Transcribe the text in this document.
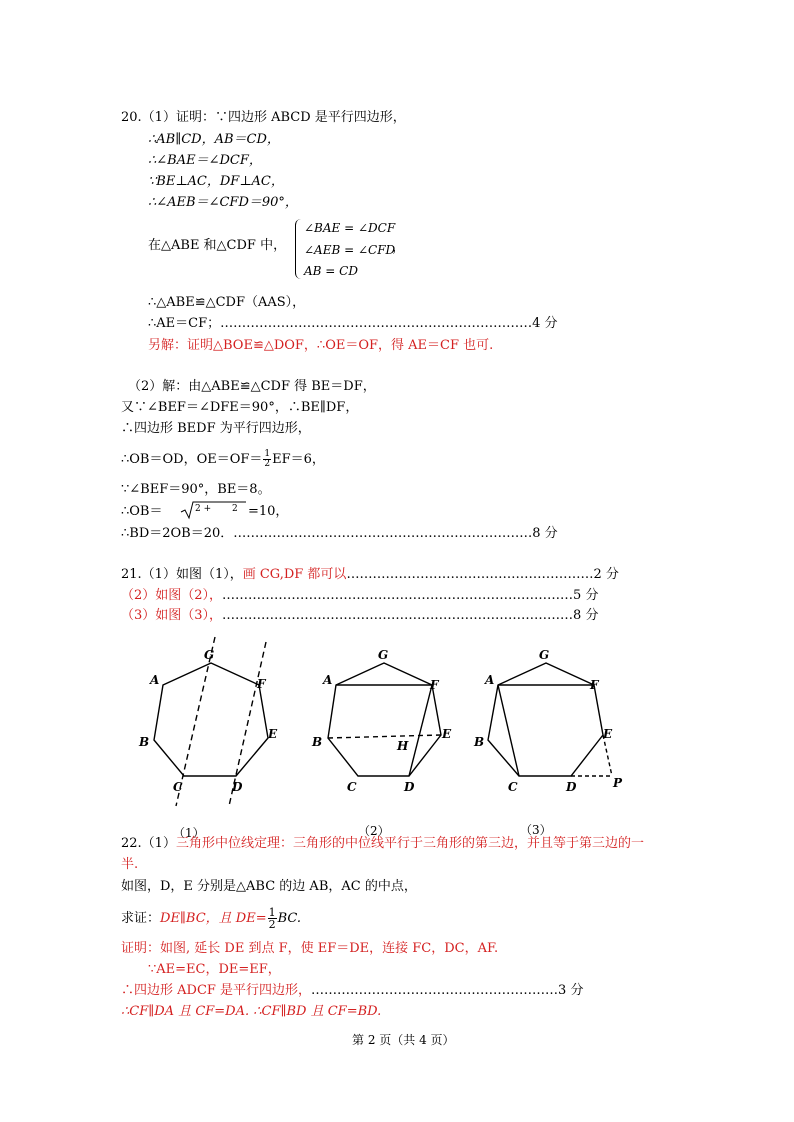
20.（1）证明：∵四边形 ABCD 是平行四边形，
∴AB∥CD，AB＝CD，
∴∠BAE＝∠DCF，
∵BE⊥AC，DF⊥AC，
∴∠AEB＝∠CFD＝90°，
在△ABE 和△CDF 中，
∠BAE = ∠DCF
∠AEB = ∠CFD
，
AB = CD
∴△ABE≌△CDF（AAS），
∴AE＝CF；………………………………………………………………4 分
另解：证明△BOE≌△DOF，∴OE＝OF，得 AE＝CF 也可.
（2）解：由△ABE≌△CDF 得 BE＝DF，
又∵∠BEF＝∠DFE＝90°，∴BE∥DF，
∴四边形 BEDF 为平行四边形，
∴OB＝OD，$OE=OF= \frac{1}{2} EF=6$，
∵∠BEF＝90°，BE＝8。
∴OB＝	2 + 2 =10，
∴BD＝2OB＝20．……………………………………………………………8 分
21.（1）如图（1），画 CG,DF 都可以…………………………………………………2 分
（2）如图（2），………………………………………………………………………5 分
（3）如图（3），………………………………………………………………………8 分
A
B
C	D
E
F
G
A
B
C	D
E
F
G
H
A
B
C	D
E
F
G
P
（1）	（2）	（3）
22.（1）三角形中位线定理：三角形的中位线平行于三角形的第三边，并且等于第三边的一
半.
如图，D，E 分别是△ABC 的边 AB，AC 的中点，
求证：DE∥BC，且 $DE= \frac{1}{2}$ BC.
证明：如图, 延长 DE 到点 F，使 EF＝DE，连接 FC，DC，AF.
∵AE=EC，DE=EF，
∴四边形 ADCF 是平行四边形，…………………………………………………3 分
∴CF∥DA 且 CF=DA. ∴CF∥BD 且 CF=BD.
第 2 页（共 4 页）
